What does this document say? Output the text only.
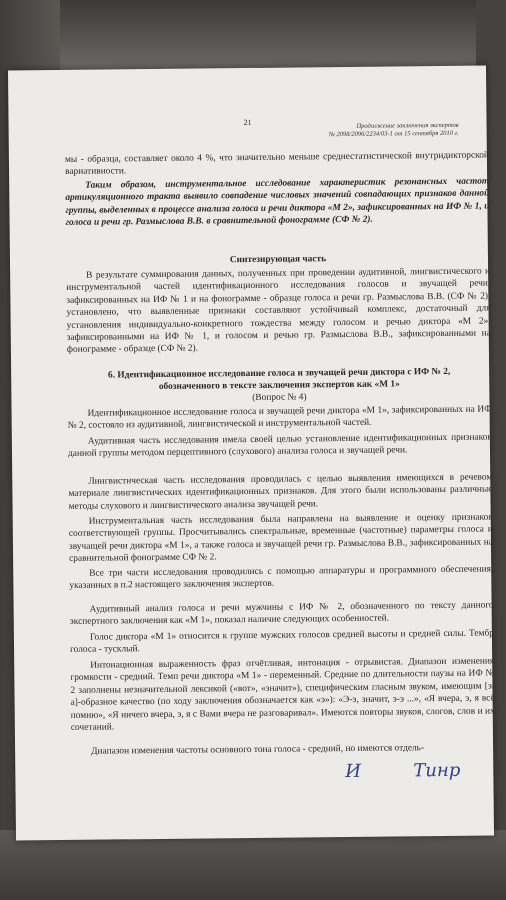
21	Продолжение заключения экспертов
№ 2098/2096/2234/03-1 от 15 сентября 2010 г.
мы - образца, составляет около 4 %, что значительно меньше среднестатистической внутридикторской вариативности.
Таким образом, инструментальное исследование характеристик резонансных частот артикуляционного тракта выявило совпадение числовых значений совпадающих признаков данной группы, выделенных в процессе анализа голоса и речи диктора «М 2», зафиксированных на ИФ № 1, и голоса и речи гр. Размыслова В.В. в сравнительной фонограмме (СФ № 2).
Синтезирующая часть
В результате суммирования данных, полученных при проведении аудитивной, лингвистического и инструментальной частей идентификационного исследования голосов и звучащей речи, зафиксированных на ИФ № 1 и на фонограмме - образце голоса и речи гр. Размыслова В.В. (СФ № 2), установлено, что выявленные признаки составляют устойчивый комплекс, достаточный для установления индивидуально-конкретного тождества между голосом и речью диктора «М 2», зафиксированными на ИФ № 1, и голосом и речью гр. Размыслова В.В., зафиксированными на фонограмме - образце (СФ № 2).
6. Идентификационное исследование голоса и звучащей речи диктора с ИФ № 2,
обозначенного в тексте заключения экспертов как «М 1»
(Вопрос № 4)
Идентификационное исследование голоса и звучащей речи диктора «М 1», зафиксированных на ИФ № 2, состояло из аудитивной, лингвистической и инструментальной частей.
Аудитивная часть исследования имела своей целью установление идентификационных признаков данной группы методом перцептивного (слухового) анализа голоса и звучащей речи.
Лингвистическая часть исследования проводилась с целью выявления имеющихся в речевом материале лингвистических идентификационных признаков. Для этого были использованы различные методы слухового и лингвистического анализа звучащей речи.
Инструментальная часть исследования была направлена на выявление и оценку признаков соответствующей группы. Просчитывались спектральные, временные (частотные) параметры голоса и звучащей речи диктора «М 1», а также голоса и звучащей речи гр. Размыслова В.В., зафиксированных на сравнительной фонограмме СФ № 2.
Все три части исследования проводились с помощью аппаратуры и программного обеспечения, указанных в п.2 настоящего заключения экспертов.
Аудитивный анализ голоса и речи мужчины с ИФ № 2, обозначенного по тексту данного экспертного заключения как «М 1», показал наличие следующих особенностей.
Голос диктора «М 1» относится к группе мужских голосов средней высоты и средней силы. Тембр голоса - тусклый.
Интонационная выраженность фраз отчётливая, интонация - отрывистая. Диапазон изменения громкости - средний. Темп речи диктора «М 1» - переменный. Средние по длительности паузы на ИФ № 2 заполнены незначительной лексикой («вот», «значит»), специфическим гласным звуком, имеющим [э/а]-образное качество (по ходу заключения обозначается как «э»): «Э-э, значит, э-э ...», «Я вчера, э, я всё помню», «Я ничего вчера, э, я с Вами вчера не разговаривал». Имеются повторы звуков, слогов, слов и их сочетаний.
Диапазон изменения частоты основного тона голоса - средний, но имеются отдель-
И	Тинр
